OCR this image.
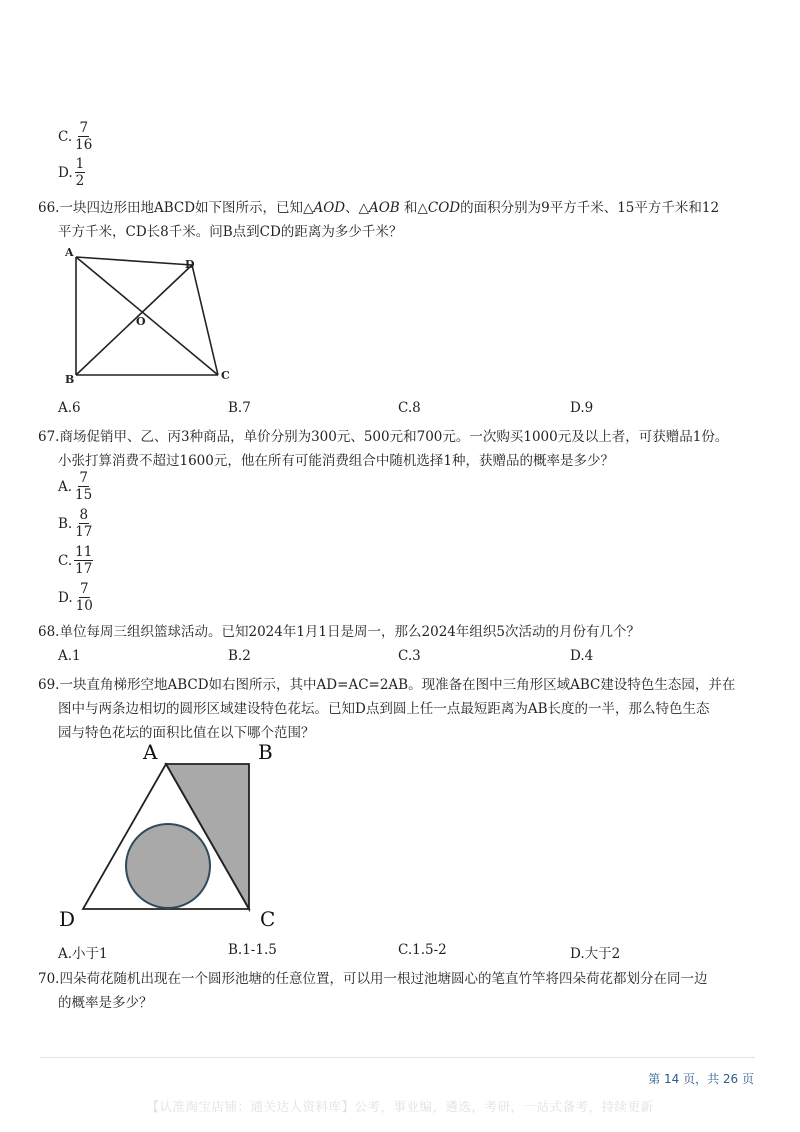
C. $\frac{7}{16}$
D. $\frac{1}{2}$
66.一块四边形田地ABCD如下图所示，已知△AOD、△AOB 和△COD的面积分别为9平方千米、15平方千米和12
平方千米，CD长8千米。问B点到CD的距离为多少千米？
A
D
O
B	C
A.6	B.7	C.8	D.9
67.商场促销甲、乙、丙3种商品，单价分别为300元、500元和700元。一次购买1000元及以上者，可获赠品1份。
小张打算消费不超过1600元，他在所有可能消费组合中随机选择1种，获赠品的概率是多少？
A. $\frac{7}{15}$
B. $\frac{8}{17}$
C. $\frac{11}{17}$
D. $\frac{7}{10}$
68.单位每周三组织篮球活动。已知2024年1月1日是周一，那么2024年组织5次活动的月份有几个？
A.1	B.2	C.3	D.4
69.一块直角梯形空地ABCD如右图所示，其中AD=AC=2AB。现准备在图中三角形区域ABC建设特色生态园，并在
图中与两条边相切的圆形区域建设特色花坛。已知D点到圆上任一点最短距离为AB长度的一半，那么特色生态
园与特色花坛的面积比值在以下哪个范围？
A	B
D	C
A.小于1	B.1-1.5	C.1.5-2	D.大于2
70.四朵荷花随机出现在一个圆形池塘的任意位置，可以用一根过池塘圆心的笔直竹竿将四朵荷花都划分在同一边
的概率是多少？
第 14 页，共 26 页
【认准淘宝店铺：通关达人资料库】公考，事业编，遴选，考研，一站式备考，持续更新
